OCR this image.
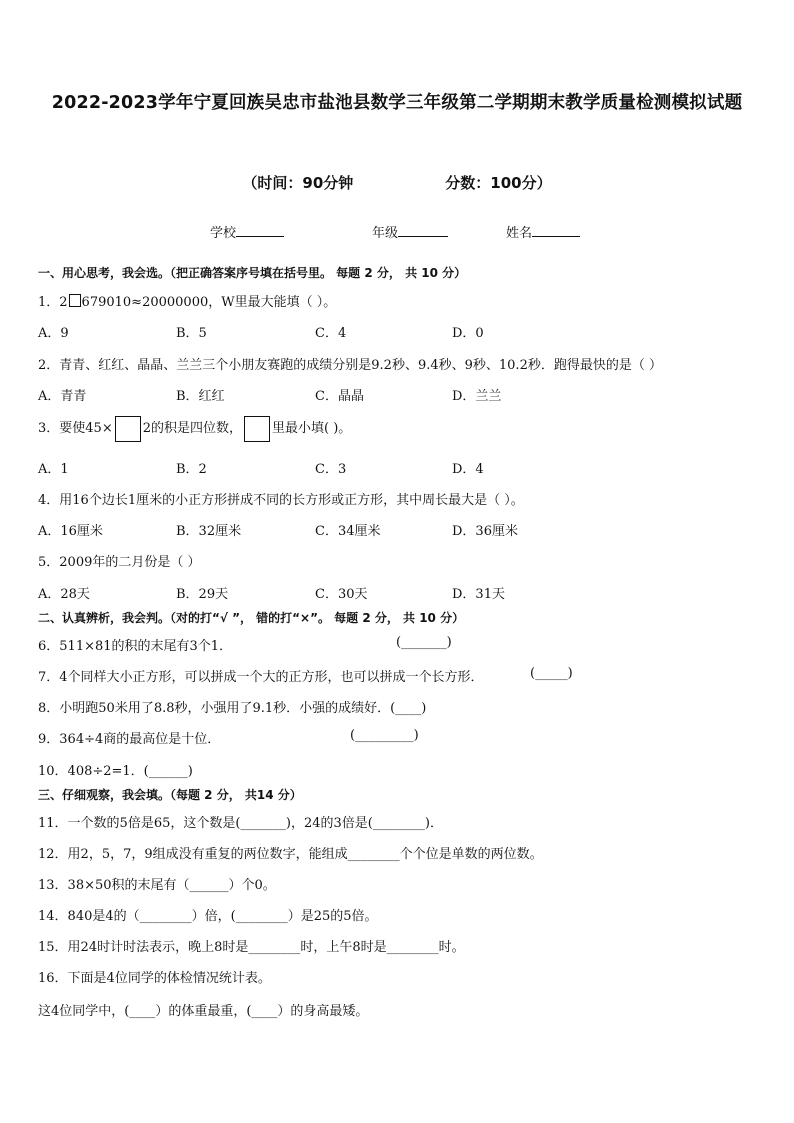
2022-2023学年宁夏回族吴忠市盐池县数学三年级第二学期期末教学质量检测模拟试题
（时间：90分钟	分数：100分）
学校	年级	姓名
一、用心思考，我会选。（把正确答案序号填在括号里。 每题 2 分， 共 10 分）
1．2 679010≈20000000，W里最大能填（ ）。
A．9	B．5	C．4	D．0
2．青青、红红、晶晶、兰兰三个小朋友赛跑的成绩分别是9.2秒、9.4秒、9秒、10.2秒．跑得最快的是（ ）
A．青青	B．红红	C．晶晶	D．兰兰
3．要使45× 2的积是四位数， 里最小填( )。
A．1	B．2	C．3	D．4
4．用16个边长1厘米的小正方形拼成不同的长方形或正方形，其中周长最大是（ ）。
A．16厘米	B．32厘米	C．34厘米	D．36厘米
5．2009年的二月份是（ ）
A．28天	B．29天	C．30天	D．31天
二、认真辨析，我会判。（对的打“√ ”， 错的打“×”。 每题 2 分， 共 10 分）
6．511×81的积的末尾有3个1．	(_______)
7．4个同样大小正方形，可以拼成一个大的正方形，也可以拼成一个长方形．	(_____)
8．小明跑50米用了8.8秒，小强用了9.1秒．小强的成绩好．(____)
9．364÷4商的最高位是十位．	(_________)
10．408÷2=1．(______)
三、仔细观察，我会填。（每题 2 分， 共14 分）
11．一个数的5倍是65，这个数是(_______)，24的3倍是(________)．
12．用2，5，7，9组成没有重复的两位数字，能组成________个个位是单数的两位数。
13．38×50积的末尾有（______）个0。
14．840是4的（________）倍，(________）是25的5倍。
15．用24时计时法表示，晚上8时是________时，上午8时是________时。
16．下面是4位同学的体检情况统计表。
这4位同学中，(____）的体重最重，(____）的身高最矮。
